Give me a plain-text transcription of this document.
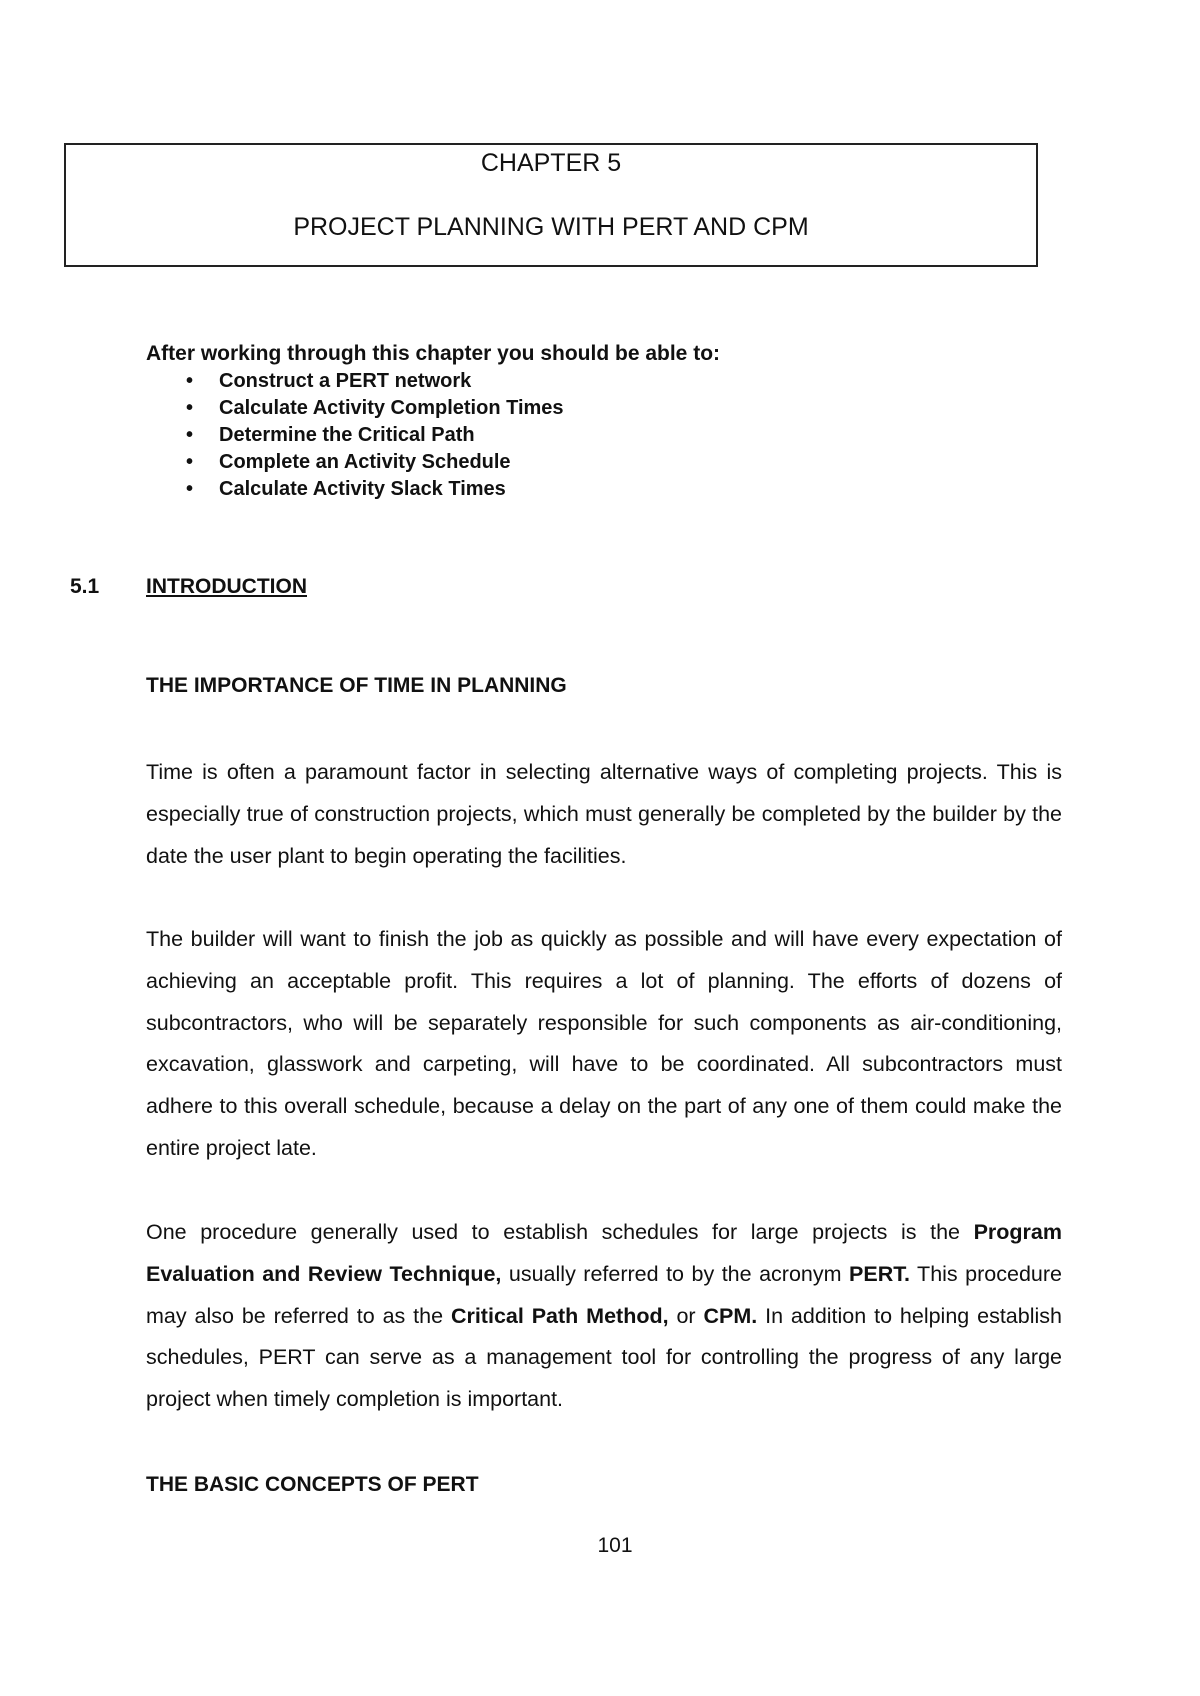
CHAPTER 5
PROJECT PLANNING WITH PERT AND CPM

After working through this chapter you should be able to:

• Construct a PERT network
• Calculate Activity Completion Times
• Determine the Critical Path
• Complete an Activity Schedule
• Calculate Activity Slack Times
5.1 INTRODUCTION
THE IMPORTANCE OF TIME IN PLANNING

Time is often a paramount factor in selecting alternative ways of completing projects. This is especially true of construction projects, which must generally be completed by the builder by the date the user plant to begin operating the facilities.

The builder will want to finish the job as quickly as possible and will have every expectation of achieving an acceptable profit. This requires a lot of planning. The efforts of dozens of subcontractors, who will be separately responsible for such components as air-conditioning, excavation, glasswork and carpeting, will have to be coordinated. All subcontractors must adhere to this overall schedule, because a delay on the part of any one of them could make the entire project late.

One procedure generally used to establish schedules for large projects is the Program Evaluation and Review Technique, usually referred to by the acronym PERT. This procedure may also be referred to as the Critical Path Method, or CPM. In addition to helping establish schedules, PERT can serve as a management tool for controlling the progress of any large project when timely completion is important.

THE BASIC CONCEPTS OF PERT
101
